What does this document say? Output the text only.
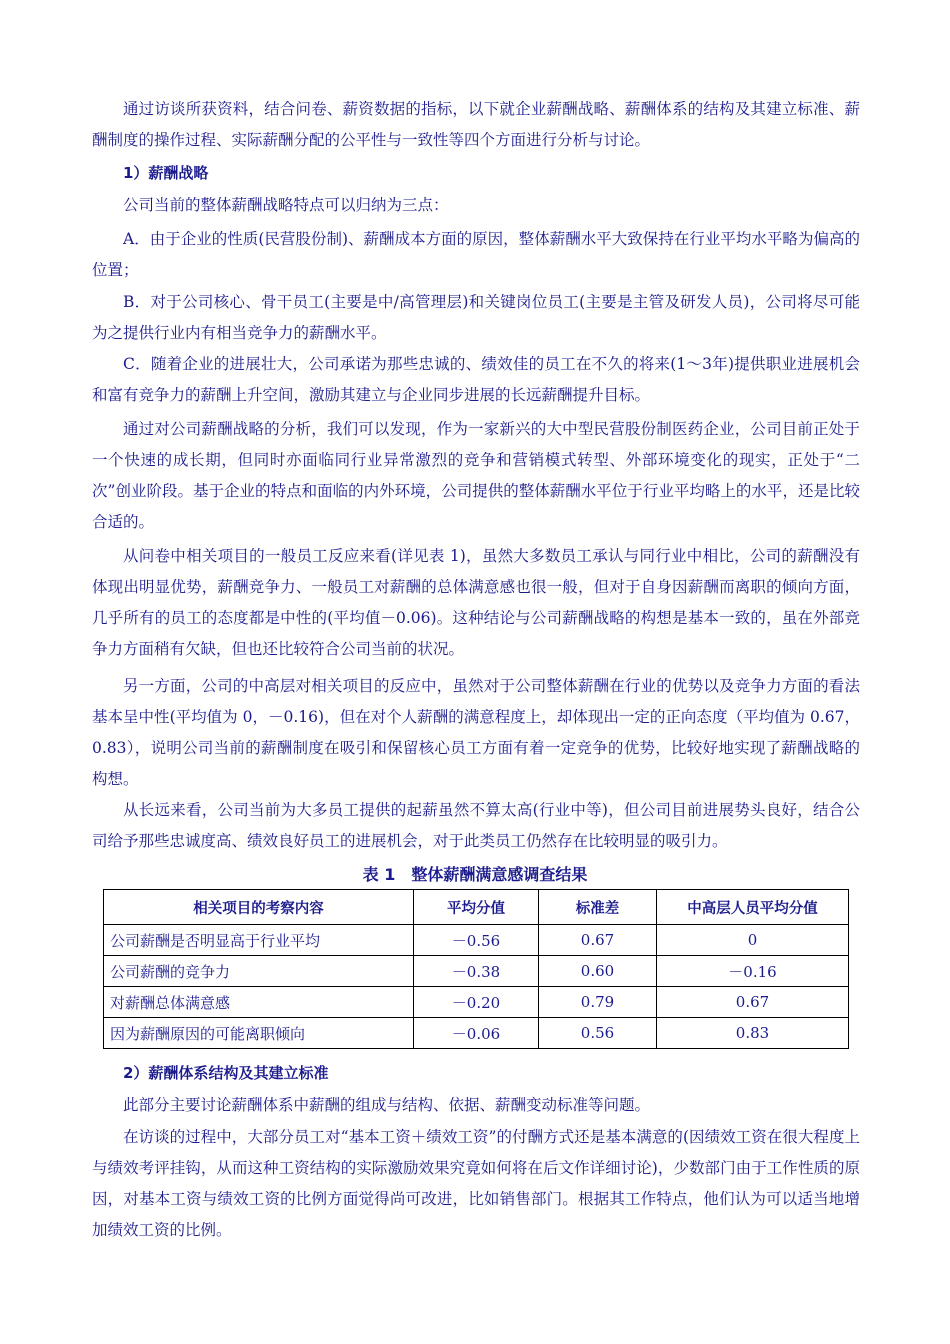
通过访谈所获资料，结合问卷、薪资数据的指标，以下就企业薪酬战略、薪酬体系的结构及其建立标准、薪酬制度的操作过程、实际薪酬分配的公平性与一致性等四个方面进行分析与讨论。

1）薪酬战略

公司当前的整体薪酬战略特点可以归纳为三点：

A．由于企业的性质(民营股份制)、薪酬成本方面的原因，整体薪酬水平大致保持在行业平均水平略为偏高的位置；

B．对于公司核心、骨干员工(主要是中/高管理层)和关键岗位员工(主要是主管及研发人员)，公司将尽可能为之提供行业内有相当竞争力的薪酬水平。

C．随着企业的进展壮大，公司承诺为那些忠诚的、绩效佳的员工在不久的将来(1～3年)提供职业进展机会和富有竞争力的薪酬上升空间，激励其建立与企业同步进展的长远薪酬提升目标。

通过对公司薪酬战略的分析，我们可以发现，作为一家新兴的大中型民营股份制医药企业，公司目前正处于一个快速的成长期，但同时亦面临同行业异常激烈的竞争和营销模式转型、外部环境变化的现实，正处于“二次”创业阶段。基于企业的特点和面临的内外环境，公司提供的整体薪酬水平位于行业平均略上的水平，还是比较合适的。

从问卷中相关项目的一般员工反应来看(详见表 1)，虽然大多数员工承认与同行业中相比，公司的薪酬没有体现出明显优势，薪酬竞争力、一般员工对薪酬的总体满意感也很一般，但对于自身因薪酬而离职的倾向方面，几乎所有的员工的态度都是中性的(平均值－0.06)。这种结论与公司薪酬战略的构想是基本一致的，虽在外部竞争力方面稍有欠缺，但也还比较符合公司当前的状况。

另一方面，公司的中高层对相关项目的反应中，虽然对于公司整体薪酬在行业的优势以及竞争力方面的看法基本呈中性(平均值为 0，－0.16)，但在对个人薪酬的满意程度上，却体现出一定的正向态度（平均值为 0.67，0.83），说明公司当前的薪酬制度在吸引和保留核心员工方面有着一定竞争的优势，比较好地实现了薪酬战略的构想。

从长远来看，公司当前为大多员工提供的起薪虽然不算太高(行业中等)，但公司目前进展势头良好，结合公司给予那些忠诚度高、绩效良好员工的进展机会，对于此类员工仍然存在比较明显的吸引力。

表 1　整体薪酬满意感调查结果

相关项目的考察内容	平均分值	标准差	中高层人员平均分值
公司薪酬是否明显高于行业平均	－0.56	0.67	0
公司薪酬的竞争力	－0.38	0.60	－0.16
对薪酬总体满意感	－0.20	0.79	0.67
因为薪酬原因的可能离职倾向	－0.06	0.56	0.83

2）薪酬体系结构及其建立标准

此部分主要讨论薪酬体系中薪酬的组成与结构、依据、薪酬变动标准等问题。

在访谈的过程中，大部分员工对“基本工资＋绩效工资”的付酬方式还是基本满意的(因绩效工资在很大程度上与绩效考评挂钩，从而这种工资结构的实际激励效果究竟如何将在后文作详细讨论)，少数部门由于工作性质的原因，对基本工资与绩效工资的比例方面觉得尚可改进，比如销售部门。根据其工作特点，他们认为可以适当地增加绩效工资的比例。
